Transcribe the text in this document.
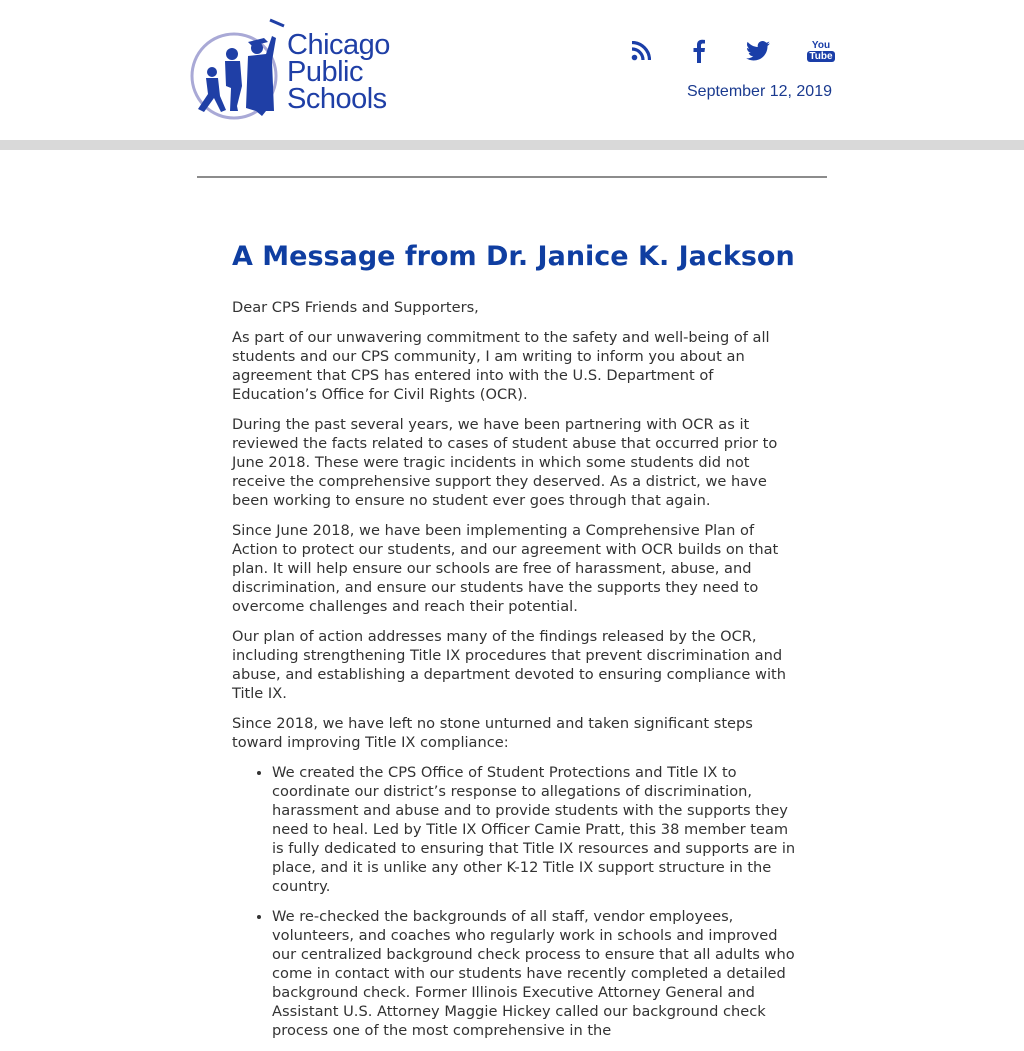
Chicago
Public
Schools
You
Tube
September 12, 2019
A Message from Dr. Janice K. Jackson

Dear CPS Friends and Supporters,

As part of our unwavering commitment to the safety and well-being of all students and our CPS community, I am writing to inform you about an agreement that CPS has entered into with the U.S. Department of Education’s Office for Civil Rights (OCR).

During the past several years, we have been partnering with OCR as it reviewed the facts related to cases of student abuse that occurred prior to June 2018. These were tragic incidents in which some students did not receive the comprehensive support they deserved. As a district, we have been working to ensure no student ever goes through that again.

Since June 2018, we have been implementing a Comprehensive Plan of Action to protect our students, and our agreement with OCR builds on that plan. It will help ensure our schools are free of harassment, abuse, and discrimination, and ensure our students have the supports they need to overcome challenges and reach their potential.

Our plan of action addresses many of the findings released by the OCR, including strengthening Title IX procedures that prevent discrimination and abuse, and establishing a department devoted to ensuring compliance with Title IX.

Since 2018, we have left no stone unturned and taken significant steps toward improving Title IX compliance:

• We created the CPS Office of Student Protections and Title IX to coordinate our district’s response to allegations of discrimination, harassment and abuse and to provide students with the supports they need to heal. Led by Title IX Officer Camie Pratt, this 38 member team is fully dedicated to ensuring that Title IX resources and supports are in place, and it is unlike any other K-12 Title IX support structure in the country.
• We re-checked the backgrounds of all staff, vendor employees, volunteers, and coaches who regularly work in schools and improved our centralized background check process to ensure that all adults who come in contact with our students have recently completed a detailed background check. Former Illinois Executive Attorney General and Assistant U.S. Attorney Maggie Hickey called our background check process one of the most comprehensive in the
